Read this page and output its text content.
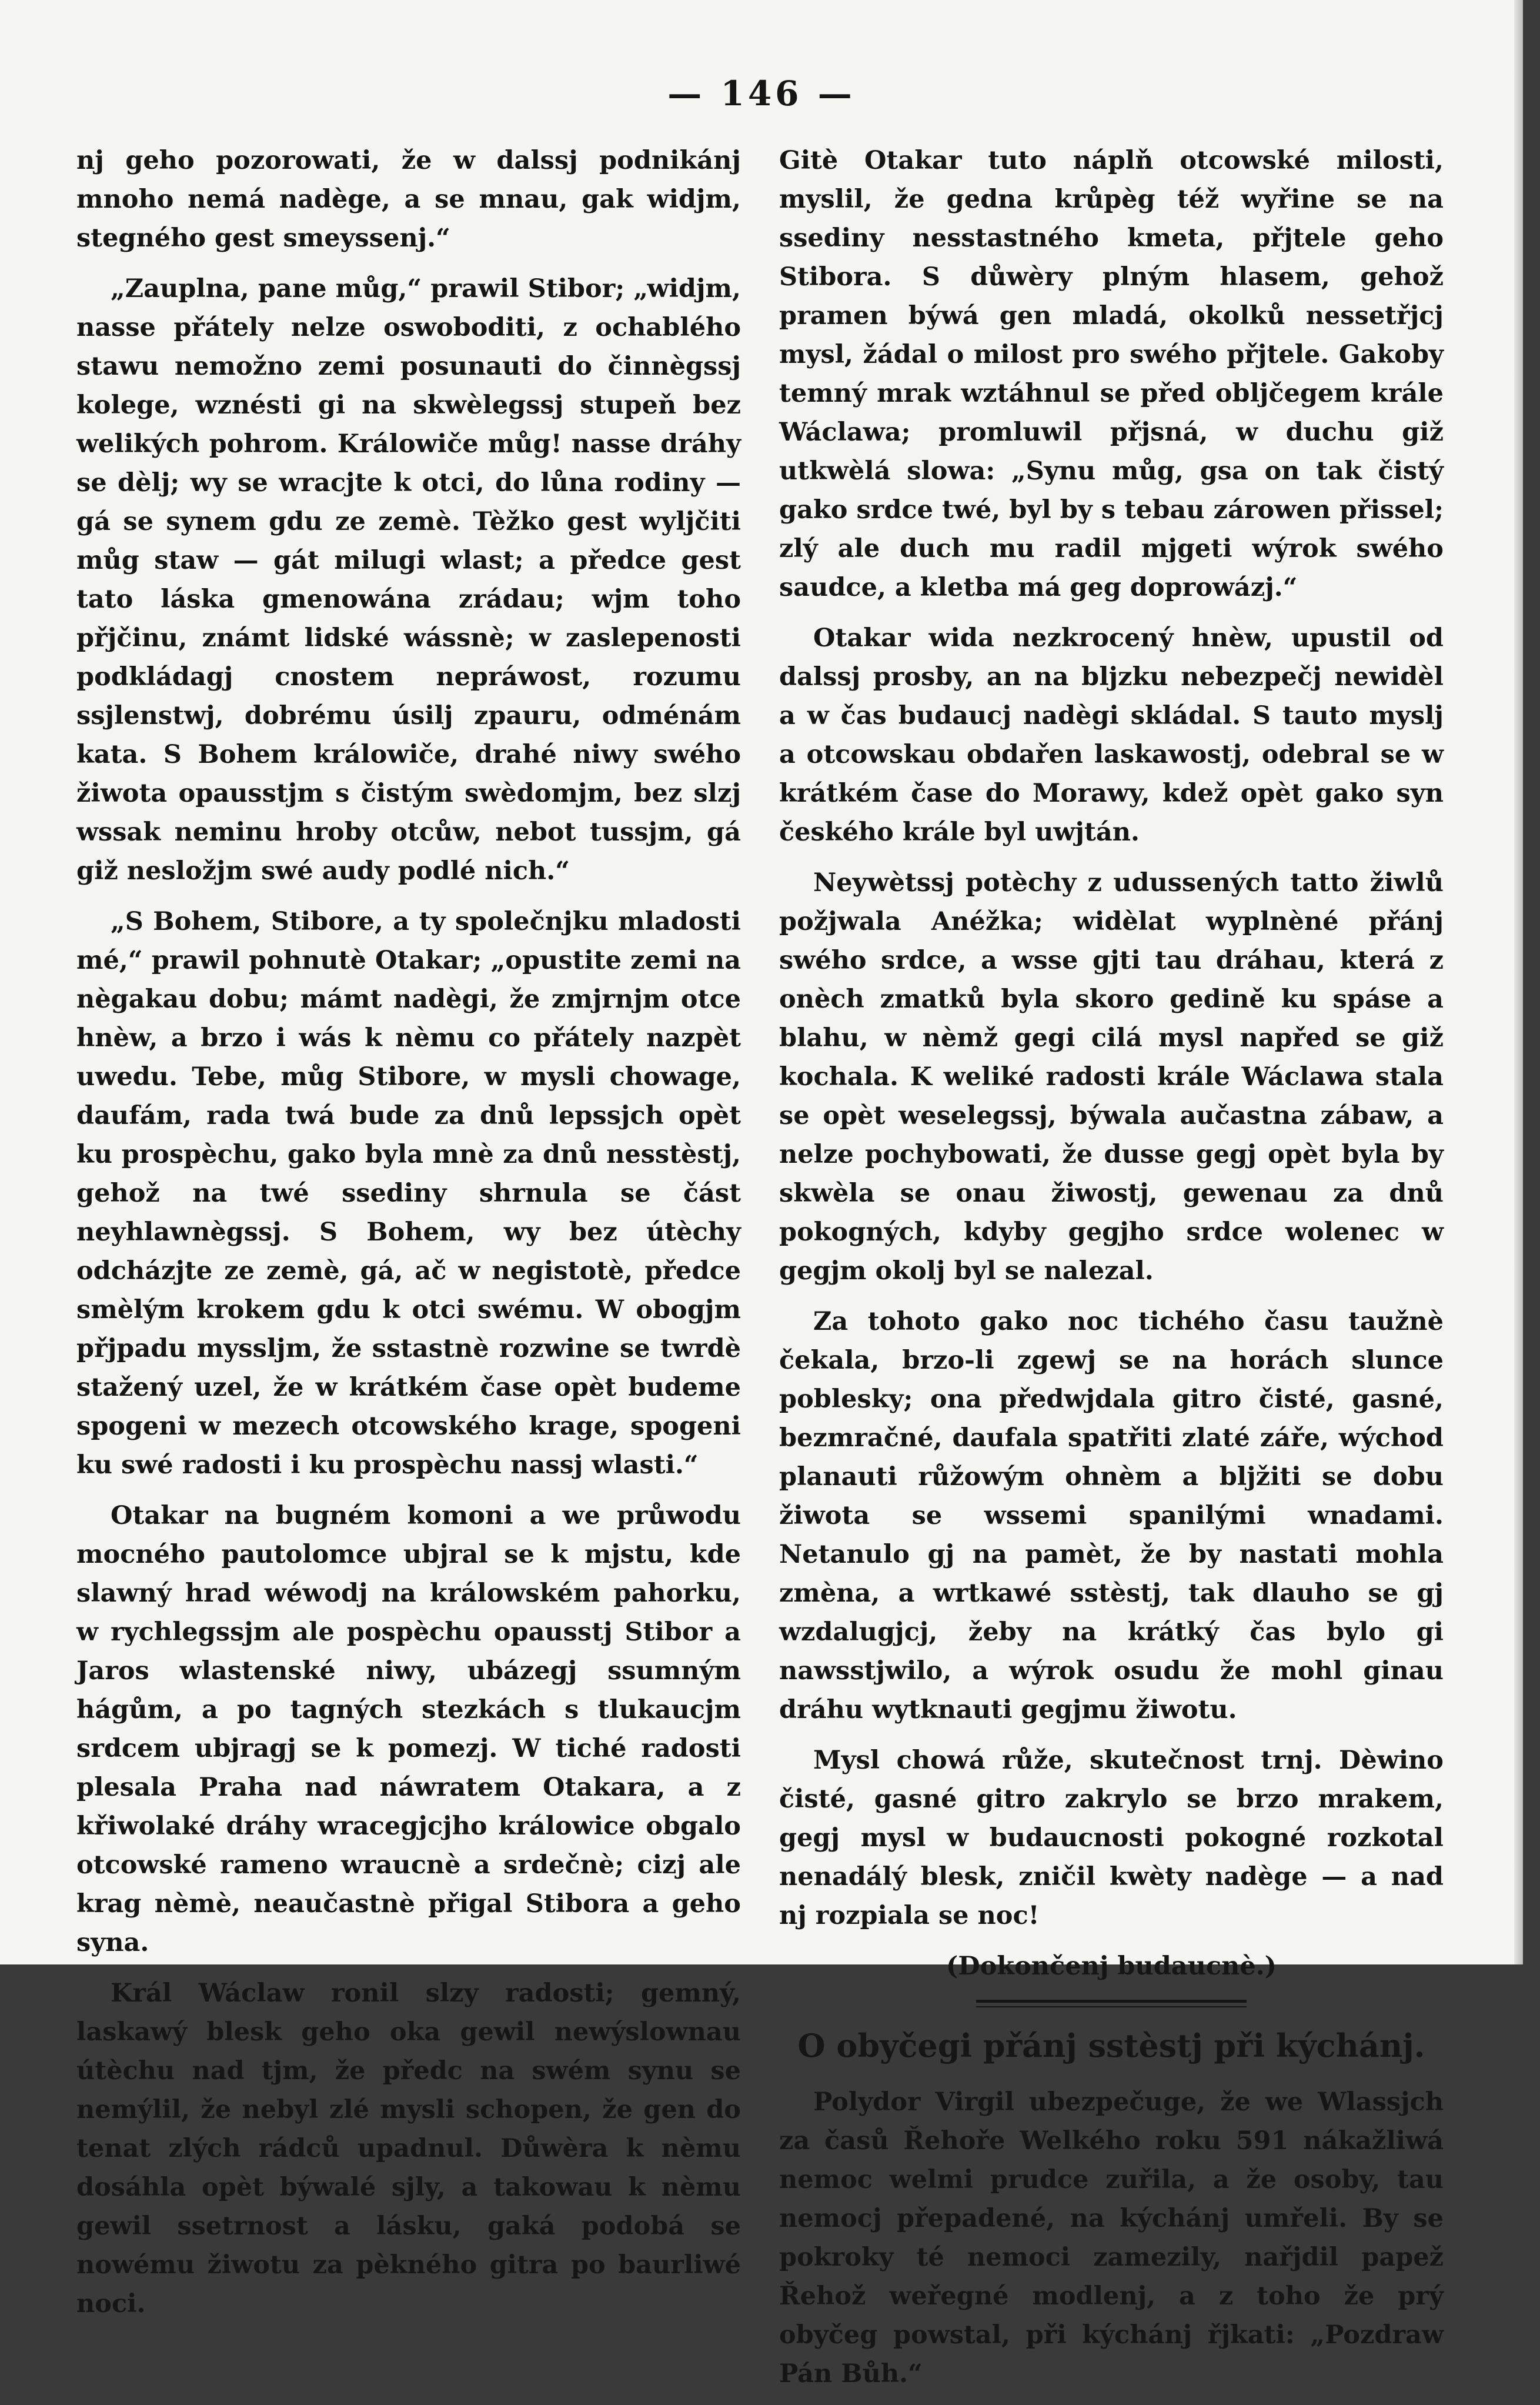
— 146 —

nj geho pozorowati, že w dalssj podnikánj mnoho nemá nadège, a se mnau, gak widjm, stegného gest smeyssenj.“

„Zauplna, pane můg,“ prawil Stibor; „widjm, nasse přátely nelze oswoboditi, z ochablého stawu nemožno zemi posunauti do činnègssj kolege, wznésti gi na skwèlegssj stupeň bez welikých pohrom. Králowiče můg! nasse dráhy se dèlj; wy se wracjte k otci, do lůna rodiny — gá se synem gdu ze zemè. Tèžko gest wyljčiti můg staw — gát milugi wlast; a předce gest tato láska gmenowána zrádau; wjm toho přjčinu, známt lidské wássnè; w zaslepenosti podkládagj cnostem nepráwost, rozumu ssjlenstwj, dobrému úsilj zpauru, odménám kata. S Bohem králowiče, drahé niwy swého žiwota opausstjm s čistým swèdomjm, bez slzj wssak neminu hroby otcůw, nebot tussjm, gá giž nesložjm swé audy podlé nich.“

„S Bohem, Stibore, a ty společnjku mladosti mé,“ prawil pohnutè Otakar; „opustite zemi na nègakau dobu; mámt nadègi, že zmjrnjm otce hnèw, a brzo i wás k nèmu co přátely nazpèt uwedu. Tebe, můg Stibore, w mysli chowage, daufám, rada twá bude za dnů lepssjch opèt ku prospèchu, gako byla mnè za dnů nesstèstj, gehož na twé ssediny shrnula se část neyhlawnègssj. S Bohem, wy bez útèchy odcházjte ze zemè, gá, ač w negistotè, předce smèlým krokem gdu k otci swému. W obogjm přjpadu myssljm, že sstastnè rozwine se twrdè stažený uzel, že w krátkém čase opèt budeme spogeni w mezech otcowského krage, spogeni ku swé radosti i ku prospèchu nassj wlasti.“

Otakar na bugném komoni a we průwodu mocného pautolomce ubjral se k mjstu, kde slawný hrad wéwodj na králowském pahorku, w rychlegssjm ale pospèchu opausstj Stibor a Jaros wlastenské niwy, ubázegj ssumným hágům, a po tagných stezkách s tlukaucjm srdcem ubjragj se k pomezj. W tiché radosti plesala Praha nad náwratem Otakara, a z křiwolaké dráhy wracegjcjho králowice obgalo otcowské rameno wraucnè a srdečnè; cizj ale krag nèmè, neaučastnè přigal Stibora a geho syna.

Král Wáclaw ronil slzy radosti; gemný, laskawý blesk geho oka gewil newýslownau útèchu nad tjm, že předc na swém synu se nemýlil, že nebyl zlé mysli schopen, že gen do tenat zlých rádců upadnul. Důwèra k nèmu dosáhla opèt býwalé sjly, a takowau k nèmu gewil ssetrnost a lásku, gaká podobá se nowému žiwotu za pèkného gitra po baurliwé noci.

Gitè Otakar tuto náplň otcowské milosti, myslil, že gedna krůpèg též wyřine se na ssediny nesstastného kmeta, přjtele geho Stibora. S důwèry plným hlasem, gehož pramen býwá gen mladá, okolků nessetřjcj mysl, žádal o milost pro swého přjtele. Gakoby temný mrak wztáhnul se před obljčegem krále Wáclawa; promluwil přjsná, w duchu giž utkwèlá slowa: „Synu můg, gsa on tak čistý gako srdce twé, byl by s tebau zárowen přissel; zlý ale duch mu radil mjgeti wýrok swého saudce, a kletba má geg doprowázj.“

Otakar wida nezkrocený hnèw, upustil od dalssj prosby, an na bljzku nebezpečj newidèl a w čas budaucj nadègi skládal. S tauto myslj a otcowskau obdařen laskawostj, odebral se w krátkém čase do Morawy, kdež opèt gako syn českého krále byl uwjtán.

Neywètssj potèchy z udussených tatto žiwlů požjwala Anéžka; widèlat wyplnèné přánj swého srdce, a wsse gjti tau dráhau, která z onèch zmatků byla skoro gedině ku spáse a blahu, w nèmž gegi cilá mysl napřed se giž kochala. K weliké radosti krále Wáclawa stala se opèt weselegssj, býwala aučastna zábaw, a nelze pochybowati, že dusse gegj opèt byla by skwèla se onau žiwostj, gewenau za dnů pokogných, kdyby gegjho srdce wolenec w gegjm okolj byl se nalezal.

Za tohoto gako noc tichého času taužnè čekala, brzo-li zgewj se na horách slunce poblesky; ona předwjdala gitro čisté, gasné, bezmračné, daufala spatřiti zlaté záře, wýchod planauti růžowým ohnèm a bljžiti se dobu žiwota se wssemi spanilými wnadami. Netanulo gj na pamèt, že by nastati mohla zmèna, a wrtkawé sstèstj, tak dlauho se gj wzdalugjcj, žeby na krátký čas bylo gi nawsstjwilo, a wýrok osudu že mohl ginau dráhu wytknauti gegjmu žiwotu.

Mysl chowá růže, skutečnost trnj. Dèwino čisté, gasné gitro zakrylo se brzo mrakem, gegj mysl w budaucnosti pokogné rozkotal nenadálý blesk, zničil kwèty nadège — a nad nj rozpiala se noc!

(Dokončenj budaucnè.)
O obyčegi přánj sstèstj při kýchánj.

Polydor Virgil ubezpečuge, že we Wlassjch za časů Řehoře Welkého roku 591 nákažliwá nemoc welmi prudce zuřila, a že osoby, tau nemocj přepadené, na kýchánj umřeli. By se pokroky té nemoci zamezily, nařjdil papež Řehož weřegné modlenj, a z toho že prý obyčeg powstal, při kýchánj řjkati: „Pozdraw Pán Bůh.“
